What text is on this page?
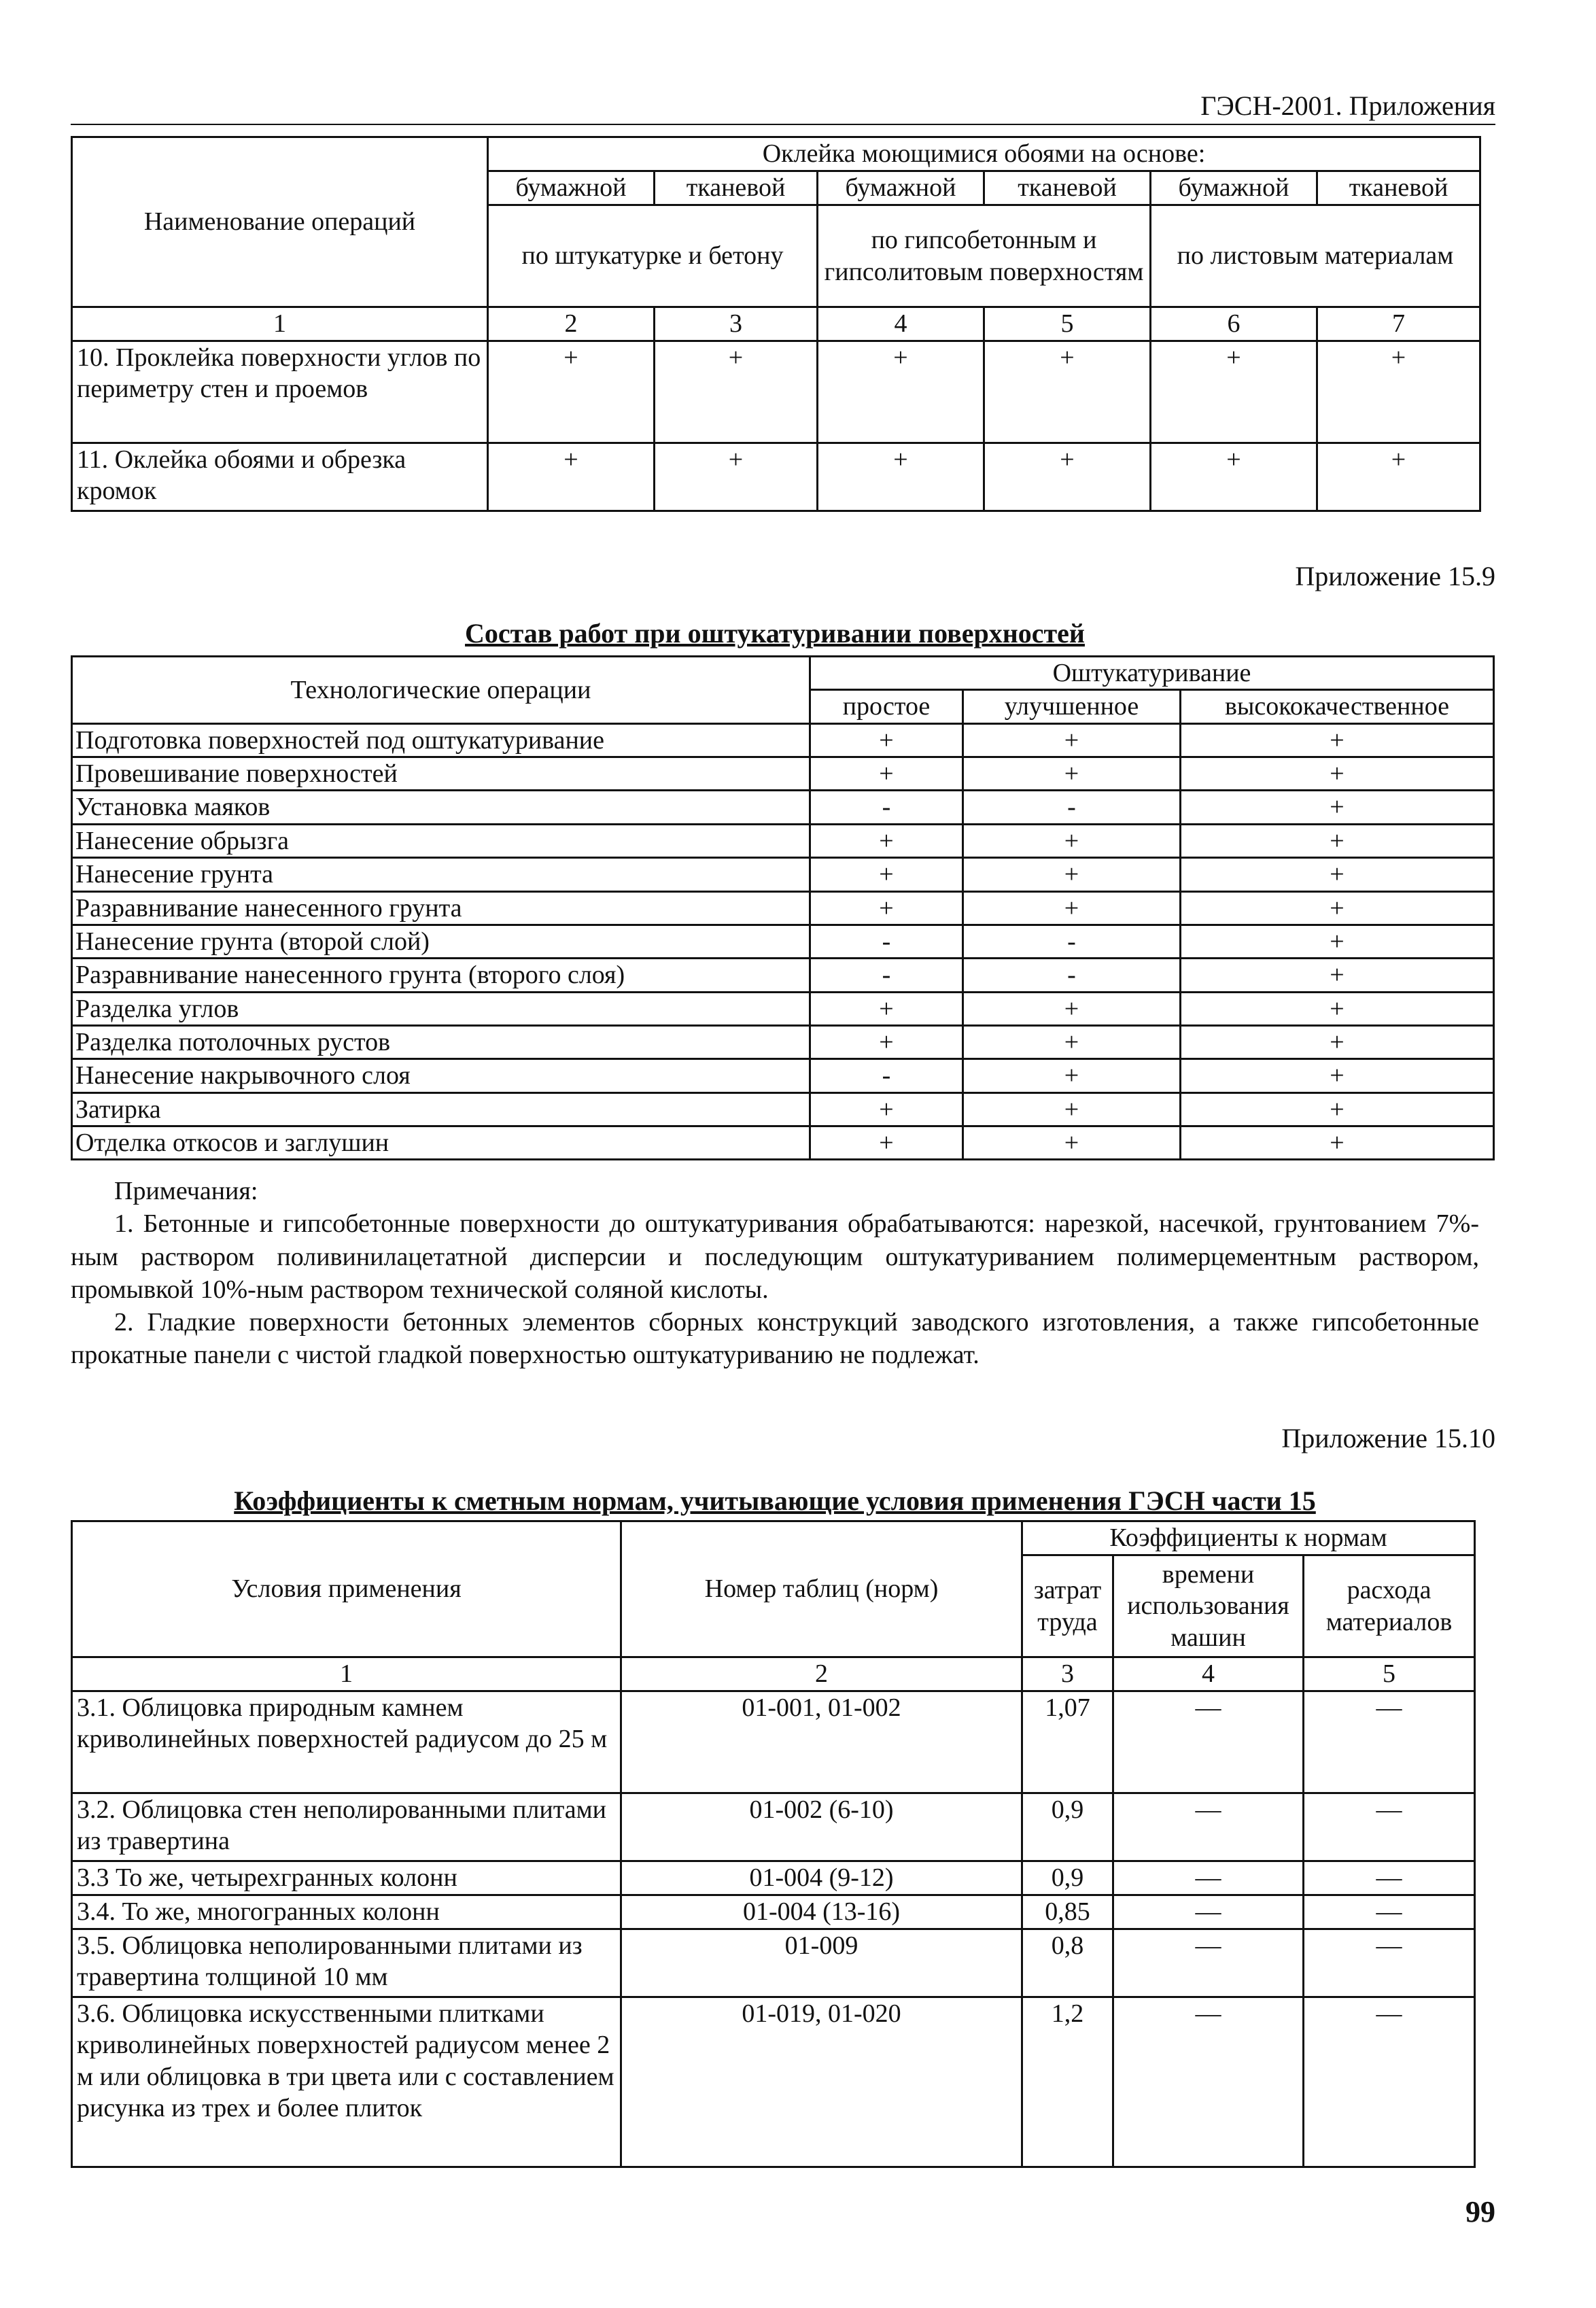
ГЭСН-2001. Приложения
Наименование операций	Оклейка моющимися обоями на основе:					
	бумажной	тканевой	бумажной	тканевой	бумажной	тканевой
	по штукатурке и бетону		по гипсобетонным и гипсолитовым поверхностям		по листовым материалам	
1	2	3	4	5	6	7
10. Проклейка поверхности углов по периметру стен и проемов	+	+	+	+	+	+
11. Оклейка обоями и обрезка кромок	+	+	+	+	+	+
Приложение 15.9
Состав работ при оштукатуривании поверхностей
Технологические операции	Оштукатуривание		
	простое	улучшенное	высококачественное
Подготовка поверхностей под оштукатуривание	+	+	+
Провешивание поверхностей	+	+	+
Установка маяков	-	-	+
Нанесение обрызга	+	+	+
Нанесение грунта	+	+	+
Разравнивание нанесенного грунта	+	+	+
Нанесение грунта (второй слой)	-	-	+
Разравнивание нанесенного грунта (второго слоя)	-	-	+
Разделка углов	+	+	+
Разделка потолочных рустов	+	+	+
Нанесение накрывочного слоя	-	+	+
Затирка	+	+	+
Отделка откосов и заглушин	+	+	+

Примечания:

1. Бетонные и гипсобетонные поверхности до оштукатуривания обрабатываются: нарезкой, насечкой, грунтованием 7%-ным раствором поливинилацетатной дисперсии и последующим оштукатуриванием полимерцементным раствором, промывкой 10%-ным раствором технической соляной кислоты.

2. Гладкие поверхности бетонных элементов сборных конструкций заводского изготовления, а также гипсобетонные прокатные панели с чистой гладкой поверхностью оштукатуриванию не подлежат.

Приложение 15.10
Коэффициенты к сметным нормам, учитывающие условия применения ГЭСН части 15
Условия применения	Номер таблиц (норм)	Коэффициенты к нормам		
		затрат труда	времени использования машин	расхода материалов
1	2	3	4	5
3.1. Облицовка природным камнем криволинейных поверхностей радиусом до 25 м	01-001, 01-002	1,07	—	—
3.2. Облицовка стен неполированными плитами из травертина	01-002 (6-10)	0,9	—	—
3.3 То же, четырехгранных колонн	01-004 (9-12)	0,9	—	—
3.4. То же, многогранных колонн	01-004 (13-16)	0,85	—	—
3.5. Облицовка неполированными плитами из травертина толщиной 10 мм	01-009	0,8	—	—
3.6. Облицовка искусственными плитками криволинейных поверхностей радиусом менее 2 м или облицовка в три цвета или с составлением рисунка из трех и более плиток	01-019, 01-020	1,2	—	—
99
